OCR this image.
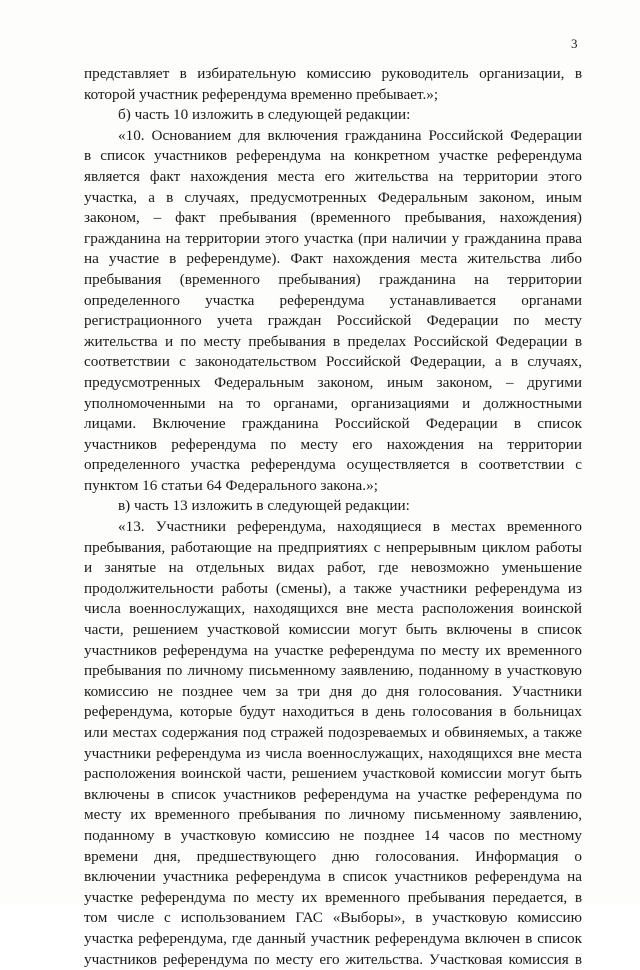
3
представляет в избирательную комиссию руководитель организации, в
которой участник референдума временно пребывает.»;
б) часть 10 изложить в следующей редакции:
«10. Основанием для включения гражданина Российской Федерации
в список участников референдума на конкретном участке референдума
является факт нахождения места его жительства на территории этого
участка, а в случаях, предусмотренных Федеральным законом, иным
законом, – факт пребывания (временного пребывания, нахождения)
гражданина на территории этого участка (при наличии у гражданина права
на участие в референдуме). Факт нахождения места жительства либо
пребывания (временного пребывания) гражданина на территории
определенного участка референдума устанавливается органами
регистрационного учета граждан Российской Федерации по месту
жительства и по месту пребывания в пределах Российской Федерации в
соответствии с законодательством Российской Федерации, а в случаях,
предусмотренных Федеральным законом, иным законом, – другими
уполномоченными на то органами, организациями и должностными
лицами. Включение гражданина Российской Федерации в список
участников референдума по месту его нахождения на территории
определенного участка референдума осуществляется в соответствии с
пунктом 16 статьи 64 Федерального закона.»;
в) часть 13 изложить в следующей редакции:
«13. Участники референдума, находящиеся в местах временного
пребывания, работающие на предприятиях с непрерывным циклом работы
и занятые на отдельных видах работ, где невозможно уменьшение
продолжительности работы (смены), а также участники референдума из
числа военнослужащих, находящихся вне места расположения воинской
части, решением участковой комиссии могут быть включены в список
участников референдума на участке референдума по месту их временного
пребывания по личному письменному заявлению, поданному в участковую
комиссию не позднее чем за три дня до дня голосования. Участники
референдума, которые будут находиться в день голосования в больницах
или местах содержания под стражей подозреваемых и обвиняемых, а также
участники референдума из числа военнослужащих, находящихся вне места
расположения воинской части, решением участковой комиссии могут быть
включены в список участников референдума на участке референдума по
месту их временного пребывания по личному письменному заявлению,
поданному в участковую комиссию не позднее 14 часов по местному
времени дня, предшествующего дню голосования. Информация о
включении участника референдума в список участников референдума на
участке референдума по месту их временного пребывания передается, в
том числе с использованием ГАС «Выборы», в участковую комиссию
участка референдума, где данный участник референдума включен в список
участников референдума по месту его жительства. Участковая комиссия в
